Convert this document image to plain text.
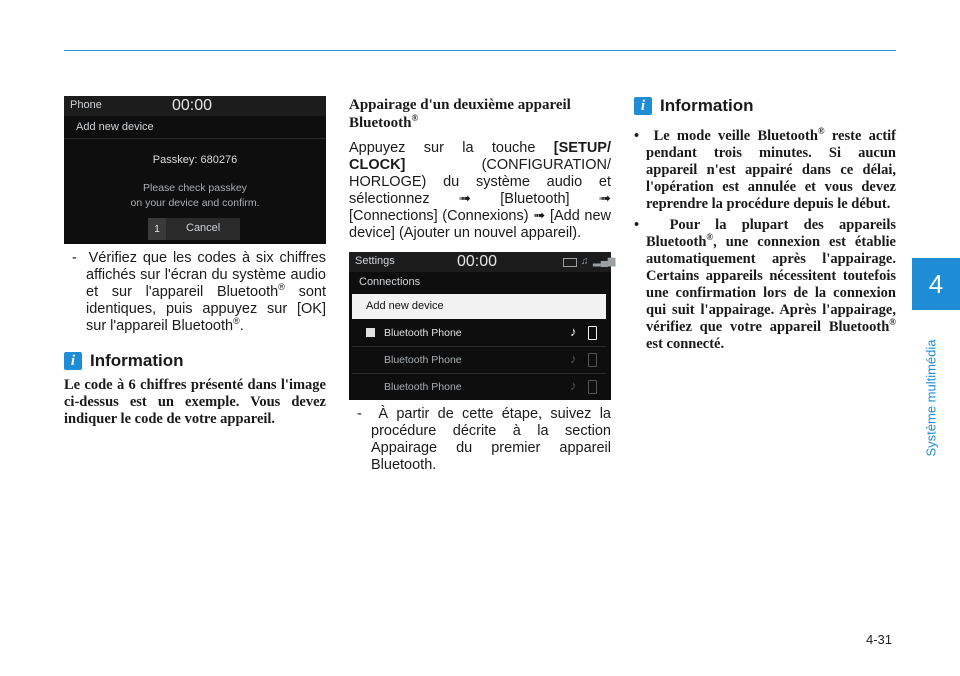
4
Système multimédia
4-31
Phone	00:00
Add new device
Passkey: 680276
Please check passkey
on your device and confirm.
1	Cancel
- Vérifiez que les codes à six chiffres affichés sur l'écran du système audio et sur l'appareil Bluetooth® sont identiques, puis appuyez sur [OK] sur l'appareil Bluetooth®.
i Information
Le code à 6 chiffres présenté dans l'image ci-dessus est un exemple. Vous devez indiquer le code de votre appareil.
Appairage d'un deuxième appareil Bluetooth®
Appuyez sur la touche [SETUP/ CLOCK] (CONFIGURATION/ HORLOGE) du système audio et sélectionnez ➟ [Bluetooth] ➟ [Connections] (Connexions) ➟ [Add new device] (Ajouter un nouvel appareil).
Settings	00:00	♫ ▂▄▆
Connections
Add new device
Bluetooth Phone	♪
Bluetooth Phone	♪
Bluetooth Phone	♪
- À partir de cette étape, suivez la procédure décrite à la section Appairage du premier appareil Bluetooth.
i Information
• Le mode veille Bluetooth® reste actif pendant trois minutes. Si aucun appareil n'est appairé dans ce délai, l'opération est annulée et vous devez reprendre la procédure depuis le début.
• Pour la plupart des appareils Bluetooth®, une connexion est établie automatiquement après l'appairage. Certains appareils nécessitent toutefois une confirmation lors de la connexion qui suit l'appairage. Après l'appairage, vérifiez que votre appareil Bluetooth® est connecté.
